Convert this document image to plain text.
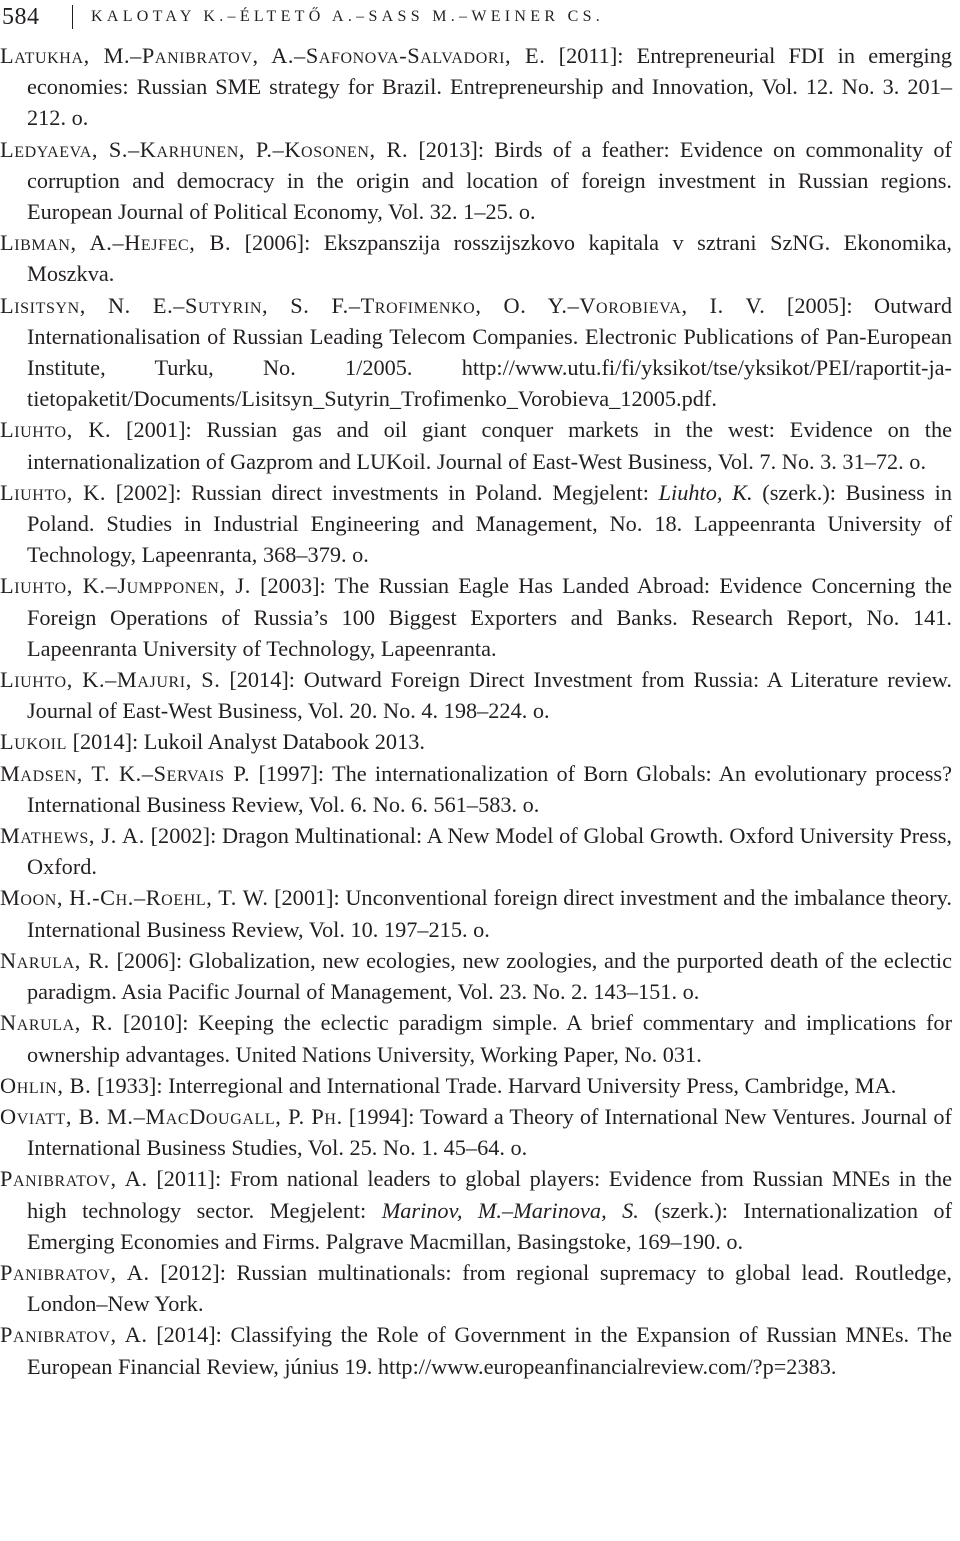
584	KALOTAY K.–ÉLTETŐ A.–SASS M.–WEINER CS.
Latukha, M.–Panibratov, A.–Safonova-Salvadori, E. [2011]: Entrepreneurial FDI in emerging economies: Russian SME strategy for Brazil. Entrepreneurship and Innovation, Vol. 12. No. 3. 201–212. o.
Ledyaeva, S.–Karhunen, P.–Kosonen, R. [2013]: Birds of a feather: Evidence on commonality of corruption and democracy in the origin and location of foreign investment in Russian regions. European Journal of Political Economy, Vol. 32. 1–25. o.
Libman, A.–Hejfec, B. [2006]: Ekszpanszija rosszijszkovo kapitala v sztrani SzNG. Ekonomika, Moszkva.
Lisitsyn, N. E.–Sutyrin, S. F.–Trofimenko, O. Y.–Vorobieva, I. V. [2005]: Outward Internationalisation of Russian Leading Telecom Companies. Electronic Publications of Pan-European Institute, Turku, No. 1/2005. http://www.utu.fi/fi/yksikot/tse/yksikot/PEI/raportit-ja-tietopaketit/Documents/Lisitsyn_Sutyrin_Trofimenko_Vorobieva_12005.pdf.
Liuhto, K. [2001]: Russian gas and oil giant conquer markets in the west: Evidence on the internationalization of Gazprom and LUKoil. Journal of East-West Business, Vol. 7. No. 3. 31–72. o.
Liuhto, K. [2002]: Russian direct investments in Poland. Megjelent: Liuhto, K. (szerk.): Business in Poland. Studies in Industrial Engineering and Management, No. 18. Lappeenranta University of Technology, Lapeenranta, 368–379. o.
Liuhto, K.–Jumpponen, J. [2003]: The Russian Eagle Has Landed Abroad: Evidence Concerning the Foreign Operations of Russia’s 100 Biggest Exporters and Banks. Research Report, No. 141. Lapeenranta University of Technology, Lapeenranta.
Liuhto, K.–Majuri, S. [2014]: Outward Foreign Direct Investment from Russia: A Literature review. Journal of East-West Business, Vol. 20. No. 4. 198–224. o.
Lukoil [2014]: Lukoil Analyst Databook 2013.
Madsen, T. K.–Servais P. [1997]: The internationalization of Born Globals: An evolutionary process? International Business Review, Vol. 6. No. 6. 561–583. o.
Mathews, J. A. [2002]: Dragon Multinational: A New Model of Global Growth. Oxford University Press, Oxford.
Moon, H.-Ch.–Roehl, T. W. [2001]: Unconventional foreign direct investment and the imbalance theory. International Business Review, Vol. 10. 197–215. o.
Narula, R. [2006]: Globalization, new ecologies, new zoologies, and the purported death of the eclectic paradigm. Asia Pacific Journal of Management, Vol. 23. No. 2. 143–151. o.
Narula, R. [2010]: Keeping the eclectic paradigm simple. A brief commentary and implications for ownership advantages. United Nations University, Working Paper, No. 031.
Ohlin, B. [1933]: Interregional and International Trade. Harvard University Press, Cambridge, MA.
Oviatt, B. M.–MacDougall, P. Ph. [1994]: Toward a Theory of International New Ventures. Journal of International Business Studies, Vol. 25. No. 1. 45–64. o.
Panibratov, A. [2011]: From national leaders to global players: Evidence from Russian MNEs in the high technology sector. Megjelent: Marinov, M.–Marinova, S. (szerk.): Internationalization of Emerging Economies and Firms. Palgrave Macmillan, Basingstoke, 169–190. o.
Panibratov, A. [2012]: Russian multinationals: from regional supremacy to global lead. Routledge, London–New York.
Panibratov, A. [2014]: Classifying the Role of Government in the Expansion of Russian MNEs. The European Financial Review, június 19. http://www.europeanfinancialreview.com/?p=2383.
